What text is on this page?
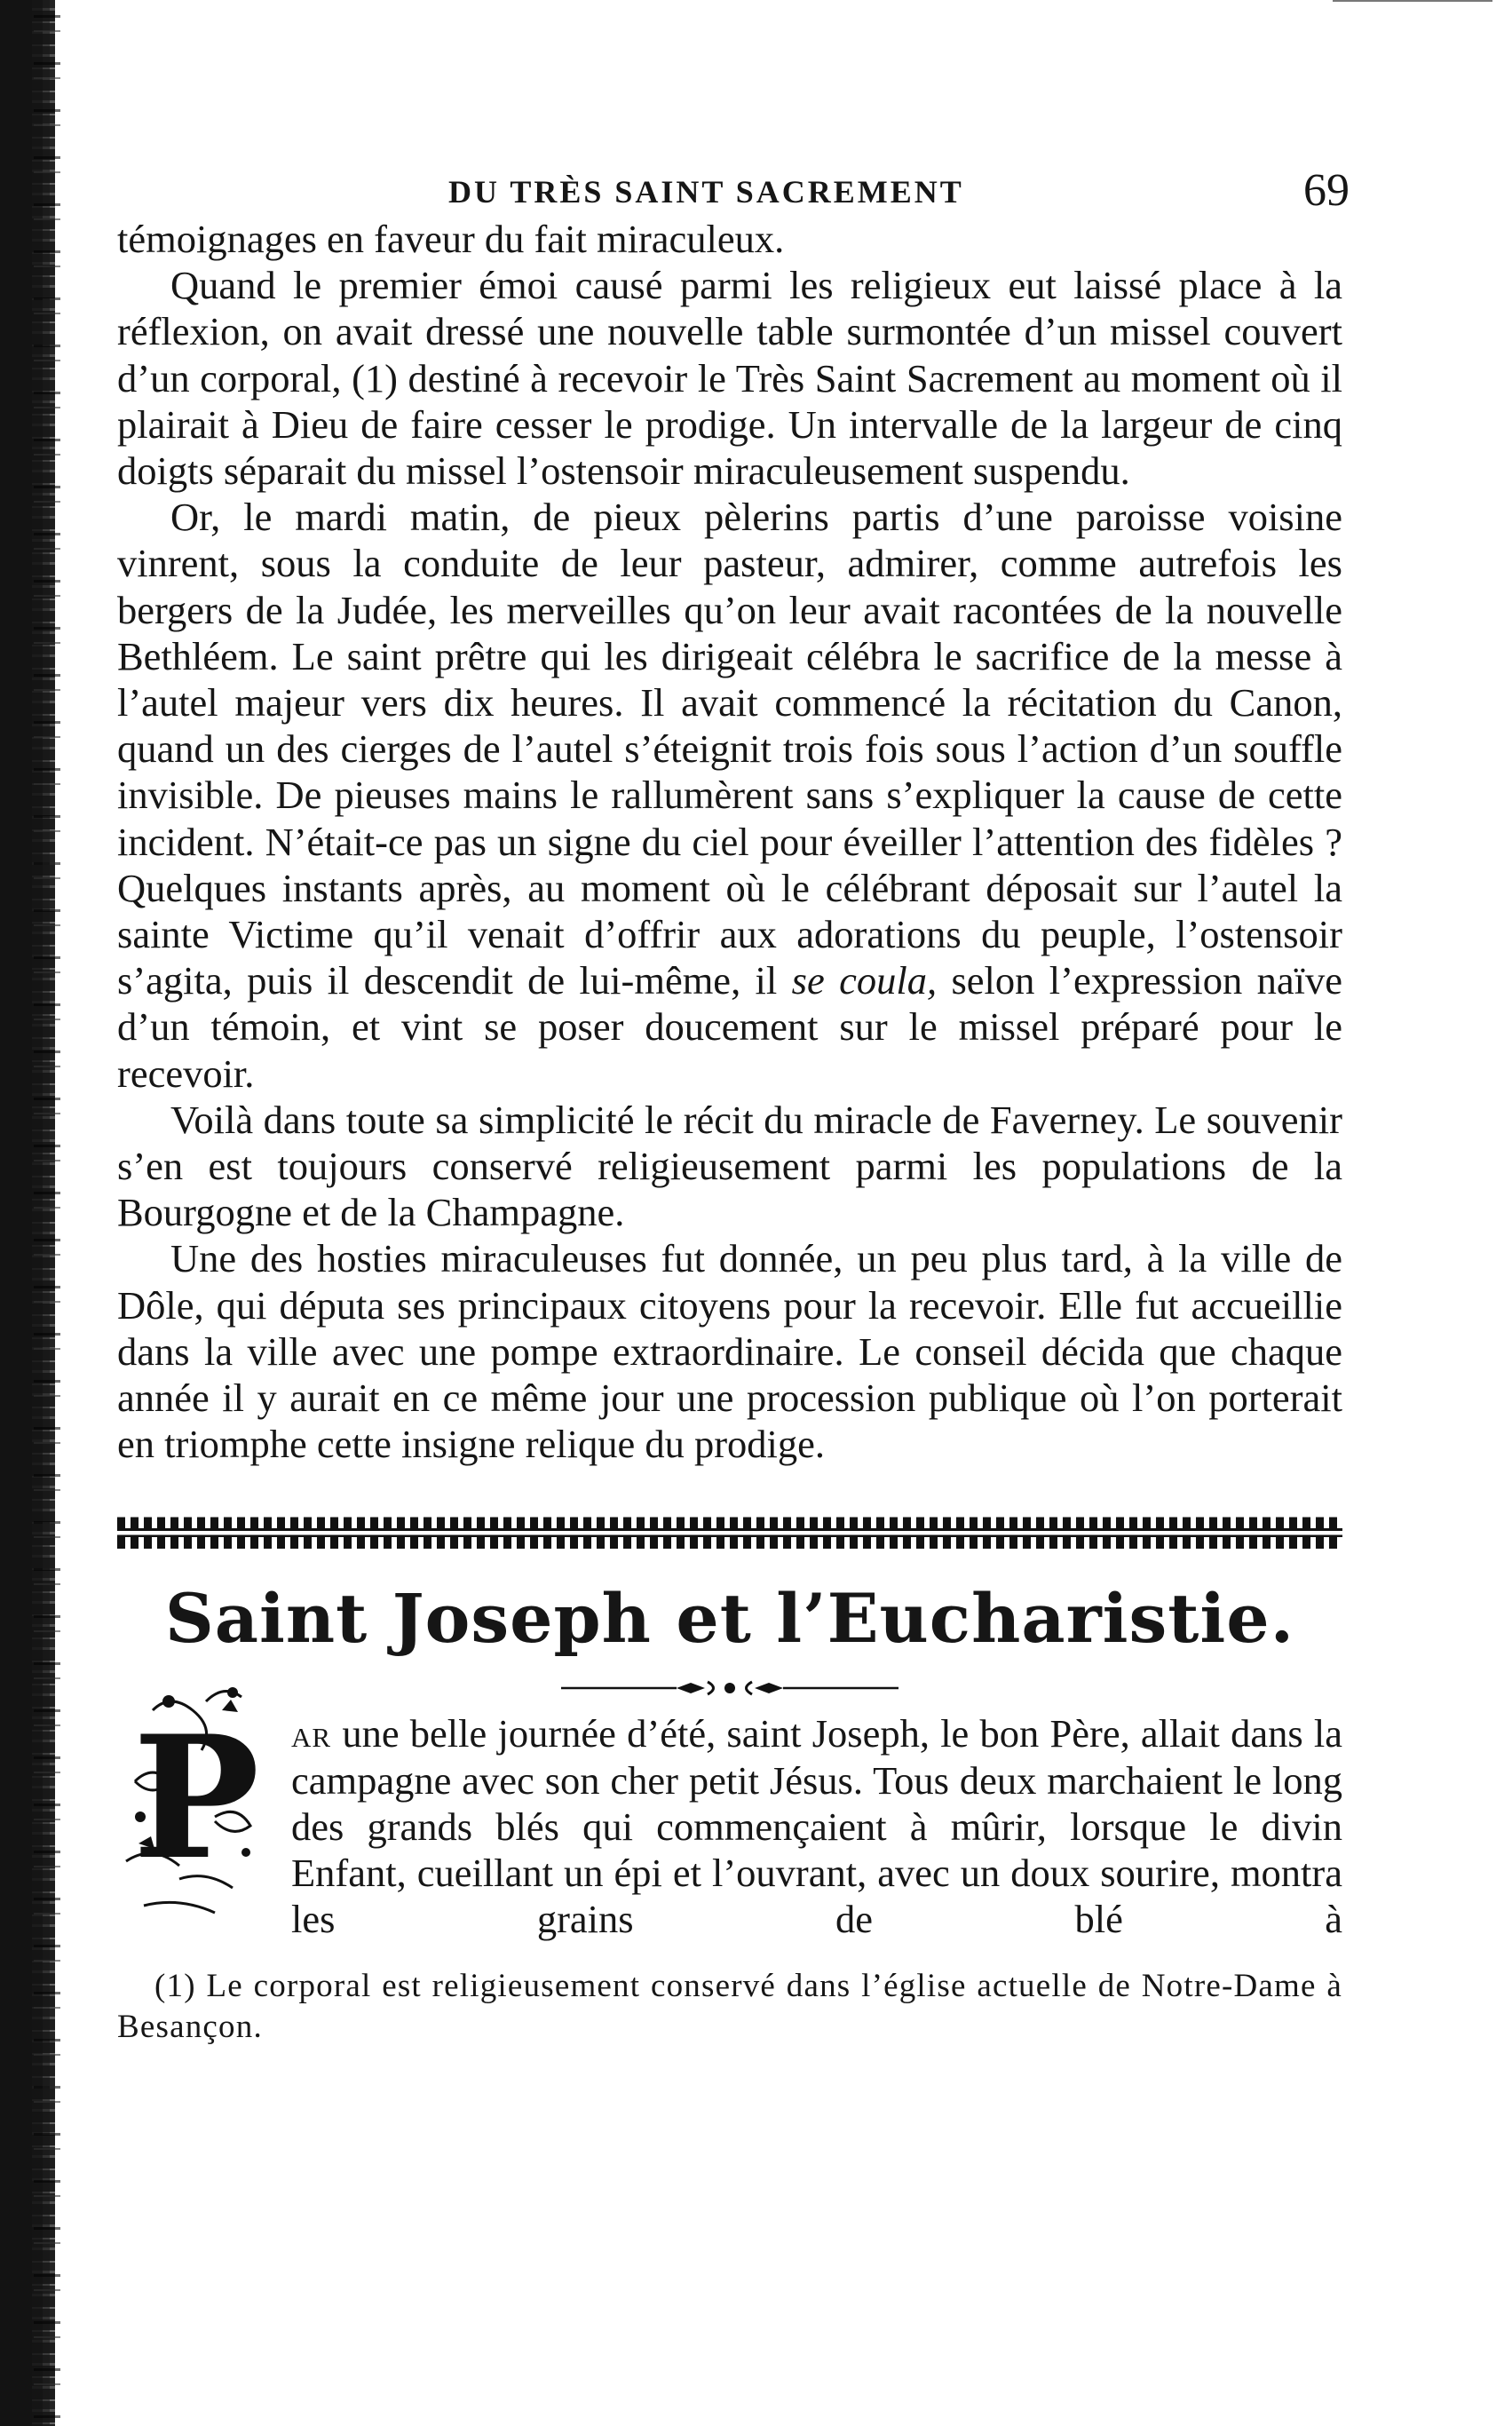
DU TRÈS SAINT SACREMENT	69

témoignages en faveur du fait miraculeux.

Quand le premier émoi causé parmi les religieux eut laissé place à la réflexion, on avait dressé une nouvelle table surmontée d’un missel couvert d’un corporal, (1) destiné à recevoir le Très Saint Sacrement au moment où il plairait à Dieu de faire cesser le prodige. Un intervalle de la largeur de cinq doigts séparait du missel l’ostensoir miraculeusement suspendu.

Or, le mardi matin, de pieux pèlerins partis d’une paroisse voisine vinrent, sous la conduite de leur pasteur, admirer, comme autrefois les bergers de la Judée, les merveilles qu’on leur avait racontées de la nouvelle Bethléem. Le saint prêtre qui les dirigeait célébra le sacrifice de la messe à l’autel majeur vers dix heures. Il avait commencé la récitation du Canon, quand un des cierges de l’autel s’éteignit trois fois sous l’action d’un souffle invisible. De pieuses mains le rallumèrent sans s’expliquer la cause de cette incident. N’était-ce pas un signe du ciel pour éveiller l’attention des fidèles ? Quelques instants après, au moment où le célébrant déposait sur l’autel la sainte Victime qu’il venait d’offrir aux adorations du peuple, l’ostensoir s’agita, puis il descendit de lui-même, il se coula, selon l’expression naïve d’un témoin, et vint se poser doucement sur le missel préparé pour le recevoir.

Voilà dans toute sa simplicité le récit du miracle de Faverney. Le souvenir s’en est toujours conservé religieusement parmi les populations de la Bourgogne et de la Champagne.

Une des hosties miraculeuses fut donnée, un peu plus tard, à la ville de Dôle, qui députa ses principaux citoyens pour la recevoir. Elle fut accueillie dans la ville avec une pompe extraordinaire. Le conseil décida que chaque année il y aurait en ce même jour une procession publique où l’on porterait en triomphe cette insigne relique du prodige.

Saint Joseph et l’Eucharistie.
P ar une belle journée d’été, saint Joseph, le bon Père, allait dans la campagne avec son cher petit Jésus. Tous deux marchaient le long des grands blés qui commençaient à mûrir, lorsque le divin Enfant, cueillant un épi et l’ouvrant, avec un doux sourire, montra les grains de blé à

(1) Le corporal est religieusement conservé dans l’église actuelle de Notre-Dame à Besançon.
